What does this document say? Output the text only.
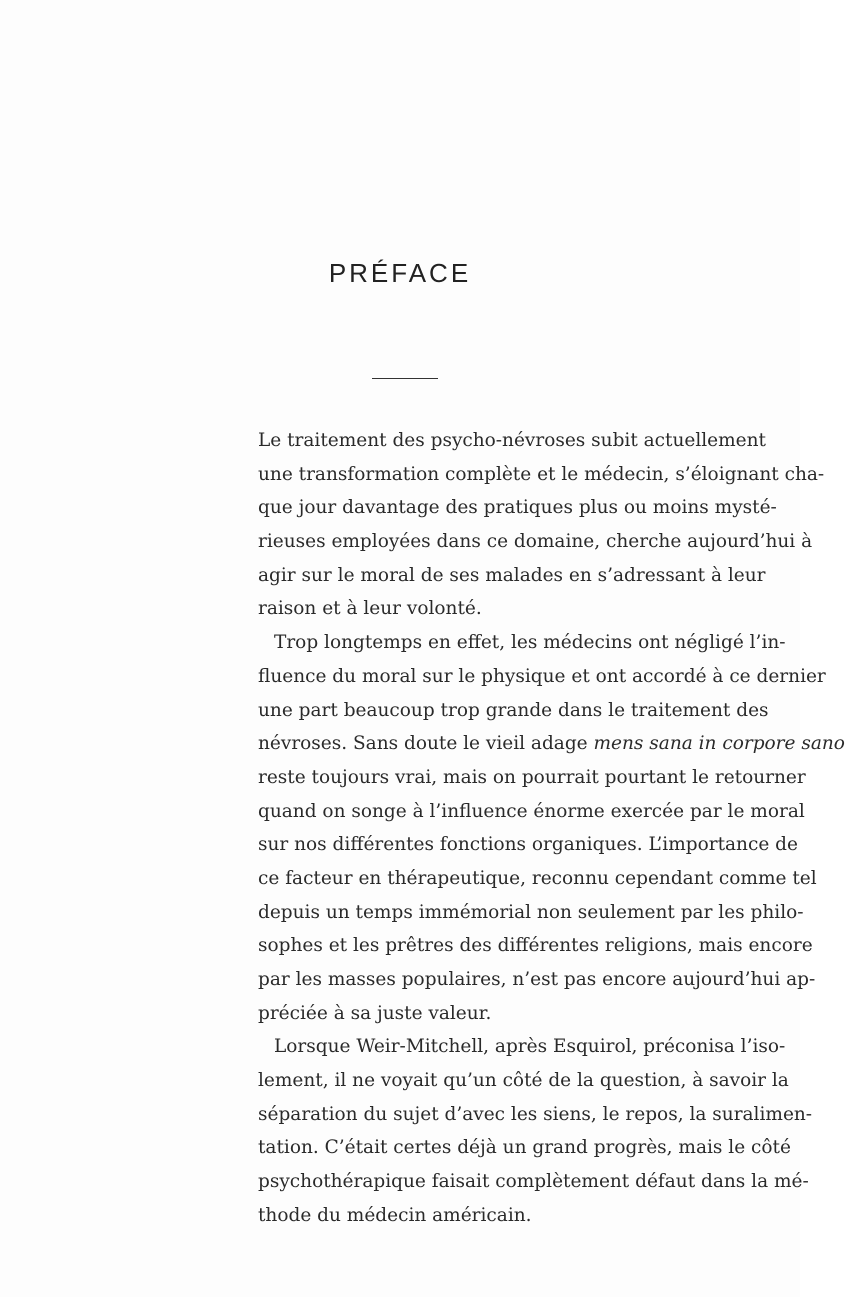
PRÉFACE
Le traitement des psycho-névroses subit actuellement
une transformation complète et le médecin, s’éloignant cha-
que jour davantage des pratiques plus ou moins mysté-
rieuses employées dans ce domaine, cherche aujourd’hui à
agir sur le moral de ses malades en s’adressant à leur
raison et à leur volonté.
Trop longtemps en effet, les médecins ont négligé l’in-
fluence du moral sur le physique et ont accordé à ce dernier
une part beaucoup trop grande dans le traitement des
névroses. Sans doute le vieil adage mens sana in corpore sano
reste toujours vrai, mais on pourrait pourtant le retourner
quand on songe à l’influence énorme exercée par le moral
sur nos différentes fonctions organiques. L’importance de
ce facteur en thérapeutique, reconnu cependant comme tel
depuis un temps immémorial non seulement par les philo-
sophes et les prêtres des différentes religions, mais encore
par les masses populaires, n’est pas encore aujourd’hui ap-
préciée à sa juste valeur.
Lorsque Weir-Mitchell, après Esquirol, préconisa l’iso-
lement, il ne voyait qu’un côté de la question, à savoir la
séparation du sujet d’avec les siens, le repos, la suralimen-
tation. C’était certes déjà un grand progrès, mais le côté
psychothérapique faisait complètement défaut dans la mé-
thode du médecin américain.
